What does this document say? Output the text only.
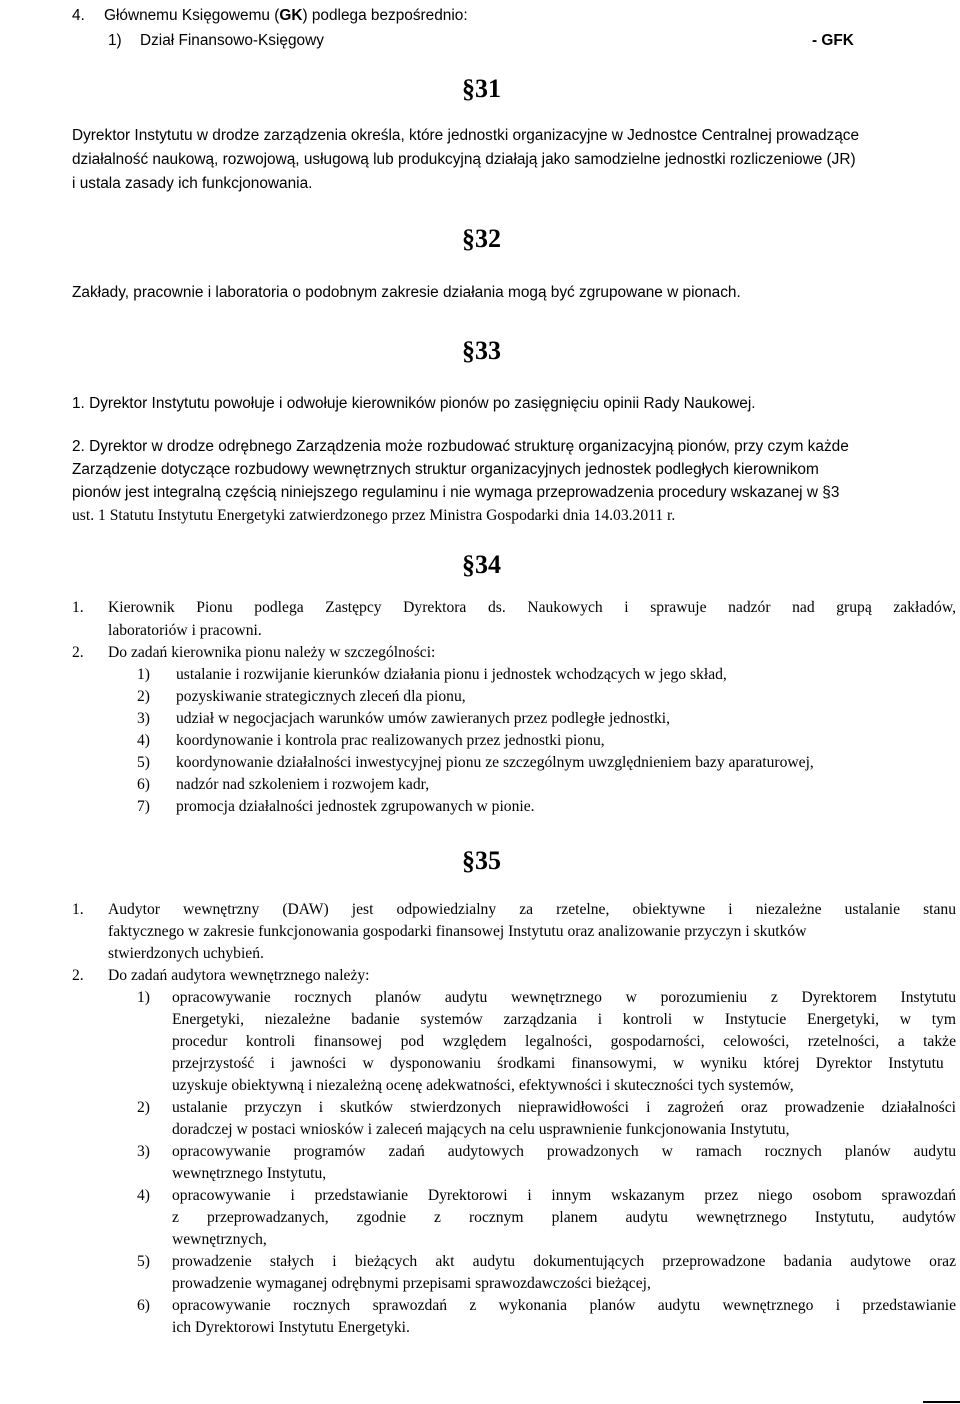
4. Głównemu Księgowemu (GK) podlega bezpośrednio:
1) Dział Finansowo-Księgowy	- GFK
§31
Dyrektor Instytutu w drodze zarządzenia określa, które jednostki organizacyjne w Jednostce Centralnej prowadzące
działalność naukową, rozwojową, usługową lub produkcyjną działają jako samodzielne jednostki rozliczeniowe (JR)
i ustala zasady ich funkcjonowania.
§32
Zakłady, pracownie i laboratoria o podobnym zakresie działania mogą być zgrupowane w pionach.
§33
1. Dyrektor Instytutu powołuje i odwołuje kierowników pionów po zasięgnięciu opinii Rady Naukowej.
2. Dyrektor w drodze odrębnego Zarządzenia może rozbudować strukturę organizacyjną pionów, przy czym każde
Zarządzenie dotyczące rozbudowy wewnętrznych struktur organizacyjnych jednostek podległych kierownikom
pionów jest integralną częścią niniejszego regulaminu i nie wymaga przeprowadzenia procedury wskazanej w §3
ust. 1 Statutu Instytutu Energetyki zatwierdzonego przez Ministra Gospodarki dnia 14.03.2011 r.
§34
1. Kierownik Pionu podlega Zastępcy Dyrektora ds. Naukowych i sprawuje nadzór nad grupą zakładów,
laboratoriów i pracowni.
2. Do zadań kierownika pionu należy w szczególności:
1) ustalanie i rozwijanie kierunków działania pionu i jednostek wchodzących w jego skład,
2) pozyskiwanie strategicznych zleceń dla pionu,
3) udział w negocjacjach warunków umów zawieranych przez podległe jednostki,
4) koordynowanie i kontrola prac realizowanych przez jednostki pionu,
5) koordynowanie działalności inwestycyjnej pionu ze szczególnym uwzględnieniem bazy aparaturowej,
6) nadzór nad szkoleniem i rozwojem kadr,
7) promocja działalności jednostek zgrupowanych w pionie.
§35
1. Audytor wewnętrzny (DAW) jest odpowiedzialny za rzetelne, obiektywne i niezależne ustalanie stanu
faktycznego w zakresie funkcjonowania gospodarki finansowej Instytutu oraz analizowanie przyczyn i skutków
stwierdzonych uchybień.
2. Do zadań audytora wewnętrznego należy:
1) opracowywanie rocznych planów audytu wewnętrznego w porozumieniu z Dyrektorem Instytutu
Energetyki, niezależne badanie systemów zarządzania i kontroli w Instytucie Energetyki, w tym
procedur kontroli finansowej pod względem legalności, gospodarności, celowości, rzetelności, a także
przejrzystość i jawności w dysponowaniu środkami finansowymi, w wyniku której Dyrektor Instytutu
uzyskuje obiektywną i niezależną ocenę adekwatności, efektywności i skuteczności tych systemów,
2) ustalanie przyczyn i skutków stwierdzonych nieprawidłowości i zagrożeń oraz prowadzenie działalności
doradczej w postaci wniosków i zaleceń mających na celu usprawnienie funkcjonowania Instytutu,
3) opracowywanie programów zadań audytowych prowadzonych w ramach rocznych planów audytu
wewnętrznego Instytutu,
4) opracowywanie i przedstawianie Dyrektorowi i innym wskazanym przez niego osobom sprawozdań
z przeprowadzanych, zgodnie z rocznym planem audytu wewnętrznego Instytutu, audytów
wewnętrznych,
5) prowadzenie stałych i bieżących akt audytu dokumentujących przeprowadzone badania audytowe oraz
prowadzenie wymaganej odrębnymi przepisami sprawozdawczości bieżącej,
6) opracowywanie rocznych sprawozdań z wykonania planów audytu wewnętrznego i przedstawianie
ich Dyrektorowi Instytutu Energetyki.
